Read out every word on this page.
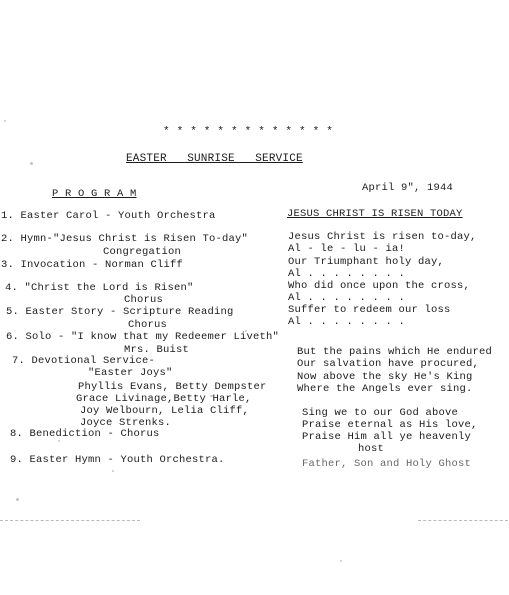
* * * * * * * * * * * * *
EASTER   SUNRISE   SERVICE
P R O G R A M	April 9", 1944
1. Easter Carol - Youth Orchestra
2. Hymn-"Jesus Christ is Risen To-day"
Congregation
3. Invocation - Norman Cliff
4. "Christ the Lord is Risen"
Chorus
5. Easter Story - Scripture Reading
Chorus
6. Solo - "I know that my Redeemer Liveth"
Mrs. Buist
7. Devotional Service-
"Easter Joys"
Phyllis Evans, Betty Dempster
Grace Livinage,Betty Harle,
Joy Welbourn, Lelia Cliff,
Joyce Strenks.
8. Benediction - Chorus
9. Easter Hymn - Youth Orchestra.
JESUS CHRIST IS RISEN TODAY
Jesus Christ is risen to-day,
Al - le - lu - ia!
Our Triumphant holy day,
Al . . . . . . . .
Who did once upon the cross,
Al . . . . . . . .
Suffer to redeem our loss
Al . . . . . . . .
But the pains which He endured
Our salvation have procured,
Now above the sky He's King
Where the Angels ever sing.
Sing we to our God above
Praise eternal as His love,
Praise Him all ye heavenly
host
Father, Son and Holy Ghost
